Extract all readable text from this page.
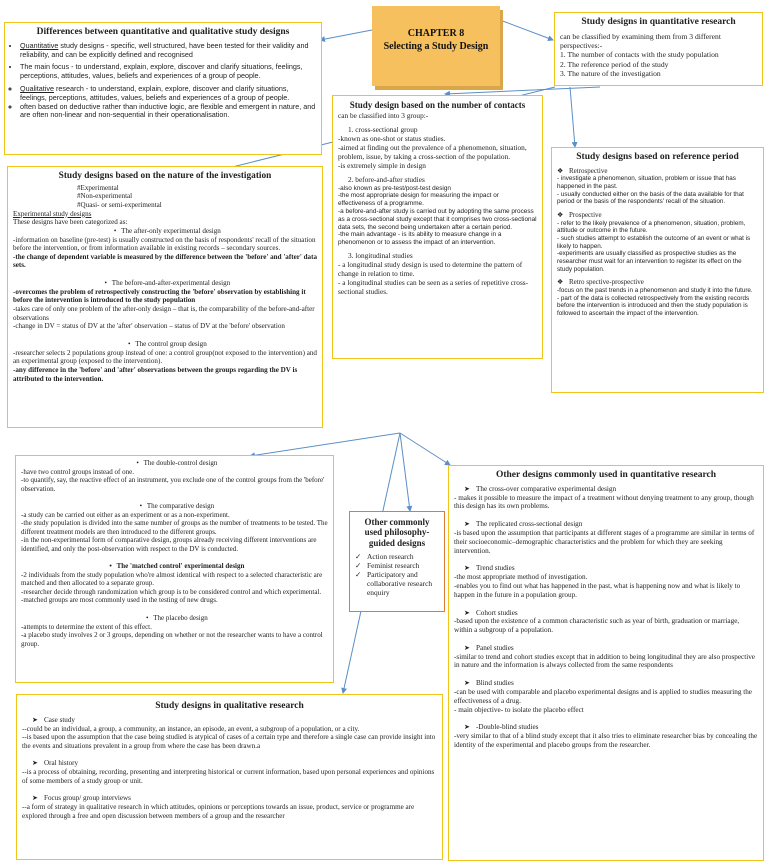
CHAPTER 8
Selecting a Study Design
Differences between quantitative and qualitative study designs
• Quantitative study designs - specific, well structured, have been tested for their validity and reliability, and can be explicitly defined and recognised
• The main focus - to understand, explain, explore, discover and clarify situations, feelings, perceptions, attitudes, values, beliefs and experiences of a group of people.
◦ Qualitative research - to understand, explain, explore, discover and clarify situations, feelings, perceptions, attitudes, values, beliefs and experiences of a group of people.
◦ often based on deductive rather than inductive logic, are flexible and emergent in nature, and are often non-linear and non-sequential in their operationalisation.
Study designs in quantitative research

can be classified by examining them from 3 different perspectives:-

1. The number of contacts with the study population

2. The reference period of the study

3. The nature of the investigation

Study design based on the number of contacts

can be classified into 3 group:-

1. cross-sectional group

-known as one-shot or status studies.

-aimed at finding out the prevalence of a phenomenon, situation, problem, issue, by taking a cross-section of the population.

-is extremely simple in design

2. before-and-after studies

-also known as pre-test/post-test design

-the most appropriate design for measuring the impact or effectiveness of a programme.

-a before-and-after study is carried out by adopting the same process as a cross-sectional study except that it comprises two cross-sectional data sets, the second being undertaken after a certain period.

-the main advantage - is its ability to measure change in a phenomenon or to assess the impact of an intervention.

3. longitudinal studies

- a longitudinal study design is used to determine the pattern of change in relation to time.

- a longitudinal studies can be seen as a series of repetitive cross-sectional studies.

Study designs based on reference period

❖ Retrospective

- investigate a phenomenon, situation, problem or issue that has happened in the past.

- usually conducted either on the basis of the data available for that period or the basis of the respondents' recall of the situation.

❖ Prospective

- refer to the likely prevalence of a phenomenon, situation, problem, attitude or outcome in the future.

- such studies attempt to establish the outcome of an event or what is likely to happen.

-experiments are usually classified as prospective studies as the researcher must wait for an intervention to register its effect on the study population.

❖ Retro spective-prospective

-focus on the past trends in a phenomenon and study it into the future.

- part of the data is collected retrospectively from the existing records before the intervention is introduced and then the study population is followed to ascertain the impact of the intervention.

Study designs based on the nature of the investigation

#Experimental

#Non-experimental

#Quasi- or semi-experimental

Experimental study designs

These designs have been categorized as:

• The after-only experimental design

-information on baseline (pre-test) is usually constructed on the basis of respondents' recall of the situation before the intervention, or from information available in existing records – secondary sources.

-the change of dependent variable is measured by the difference between the 'before' and 'after' data sets.

• The before-and-after-experimental design

-overcomes the problem of retrospectively constructing the 'before' observation by establishing it before the intervention is introduced to the study population

-takes care of only one problem of the after-only design – that is, the comparability of the before-and-after observations

-change in DV = status of DV at the 'after' observation – status of DV at the 'before' observation

• The control group design

-researcher selects 2 populations group instead of one: a control group(not exposed to the intervention) and an experimental group (exposed to the intervention).

-any difference in the 'before' and 'after' observations between the groups regarding the DV is attributed to the intervention.

• The double-control design

-have two control groups instead of one.

-to quantify, say, the reactive effect of an instrument, you exclude one of the control groups from the 'before' observation.

• The comparative design

-a study can be carried out either as an experiment or as a non-experiment.

-the study population is divided into the same number of groups as the number of treatments to be tested. The different treatment models are then introduced to the different groups.

-in the non-experimental form of comparative design, groups already receiving different interventions are identified, and only the post-observation with respect to the DV is conducted.

• The 'matched control' experimental design

-2 individuals from the study population who're almost identical with respect to a selected characteristic are matched and then allocated to a separate group.

-researcher decide through randomization which group is to be considered control and which experimental.

-matched groups are most commonly used in the testing of new drugs.

• The placebo design

-attempts to determine the extent of this effect.

-a placebo study involves 2 or 3 groups, depending on whether or not the researcher wants to have a control group.

Other commonly used philosophy-guided designs

✓ Action research

✓ Feminist research

✓ Participatory and collaborative research enquiry

Other designs commonly used in quantitative research

➤ The cross-over comparative experimental design

- makes it possible to measure the impact of a treatment without denying treatment to any group, though this design has its own problems.

➤ The replicated cross-sectional design

-is based upon the assumption that participants at different stages of a programme are similar in terms of their socioeconomic–demographic characteristics and the problem for which they are seeking intervention.

➤ Trend studies

-the most appropriate method of investigation.

-enables you to find out what has happened in the past, what is happening now and what is likely to happen in the future in a population group.

➤ Cohort studies

-based upon the existence of a common characteristic such as year of birth, graduation or marriage, within a subgroup of a population.

➤ Panel studies

-similar to trend and cohort studies except that in addition to being longitudinal they are also prospective in nature and the information is always collected from the same respondents

➤ Blind studies

-can be used with comparable and placebo experimental designs and is applied to studies measuring the effectiveness of a drug.

- main objective- to isolate the placebo effect

➤ -Double-blind studies

-very similar to that of a blind study except that it also tries to eliminate researcher bias by concealing the identity of the experimental and placebo groups from the researcher.

Study designs in qualitative research

➤ Case study

--could be an individual, a group, a community, an instance, an episode, an event, a subgroup of a population, or a city.

--is based upon the assumption that the case being studied is atypical of cases of a certain type and therefore a single case can provide insight into the events and situations prevalent in a group from where the case has been drawn.a

➤ Oral history

--is a process of obtaining, recording, presenting and interpreting historical or current information, based upon personal experiences and opinions of some members of a study group or unit.

➤ Focus group/ group interviews

--a form of strategy in qualitative research in which attitudes, opinions or perceptions towards an issue, product, service or programme are explored through a free and open discussion between members of a group and the researcher
